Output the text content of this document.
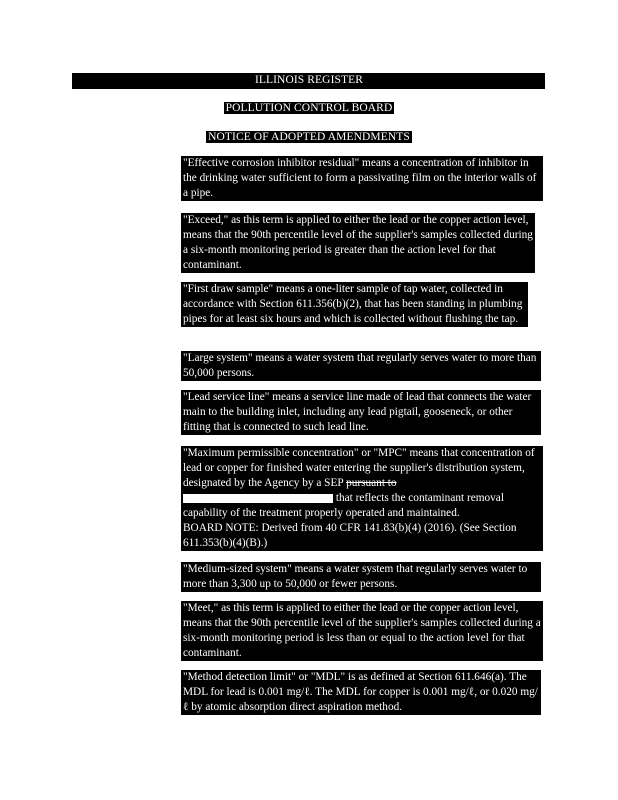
ILLINOIS REGISTER
POLLUTION CONTROL BOARD
NOTICE OF ADOPTED AMENDMENTS
"Effective corrosion inhibitor residual" means a concentration of inhibitor in the drinking water sufficient to form a passivating film on the interior walls of a pipe.
"Exceed," as this term is applied to either the lead or the copper action level, means that the 90th percentile level of the supplier's samples collected during a six-month monitoring period is greater than the action level for that contaminant.
"First draw sample" means a one-liter sample of tap water, collected in accordance with Section 611.356(b)(2), that has been standing in plumbing pipes for at least six hours and which is collected without flushing the tap.
"Large system" means a water system that regularly serves water to more than 50,000 persons.
"Lead service line" means a service line made of lead that connects the water main to the building inlet, including any lead pigtail, gooseneck, or other fitting that is connected to such lead line.
"Maximum permissible concentration" or "MPC" means that concentration of lead or copper for finished water entering the supplier's distribution system, designated by the Agency by a SEP pursuant to  that reflects the contaminant removal capability of the treatment properly operated and maintained.
BOARD NOTE: Derived from 40 CFR 141.83(b)(4) (2016). (See Section 611.353(b)(4)(B).)
"Medium-sized system" means a water system that regularly serves water to more than 3,300 up to 50,000 or fewer persons.
"Meet," as this term is applied to either the lead or the copper action level, means that the 90th percentile level of the supplier's samples collected during a six-month monitoring period is less than or equal to the action level for that contaminant.
"Method detection limit" or "MDL" is as defined at Section 611.646(a). The MDL for lead is 0.001 mg/ℓ. The MDL for copper is 0.001 mg/ℓ, or 0.020 mg/ℓ by atomic absorption direct aspiration method.
